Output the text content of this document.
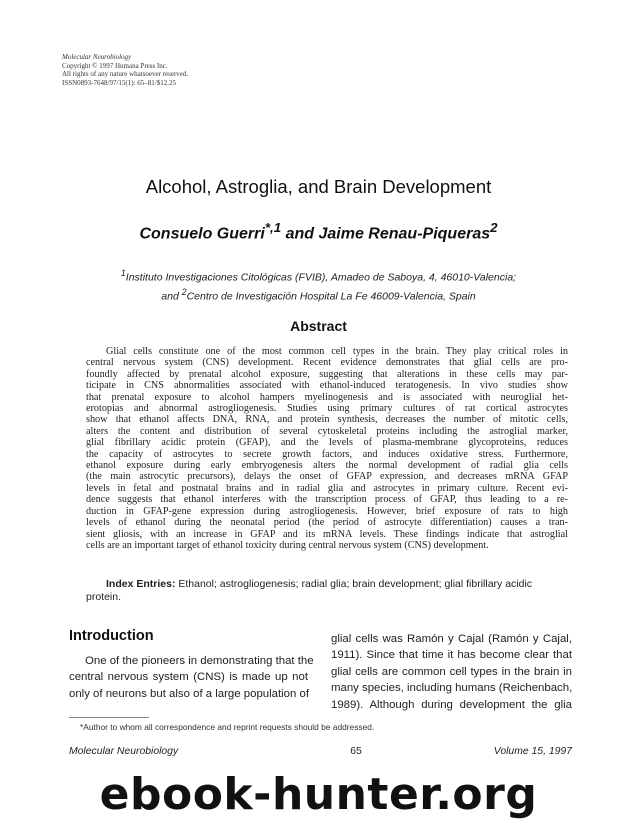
Molecular Neurobiology
Copyright © 1997 Humana Press Inc.
All rights of any nature whatsoever reserved.
ISSN0893-7648/97/15(1): 65–81/$12.25
Alcohol, Astroglia, and Brain Development
Consuelo Guerri$^{*,1}$ and Jaime Renau-Piqueras$^2$
$^1$Instituto Investigaciones Citológicas (FVIB), Amadeo de Saboya, 4, 46010-Valencia;
and $^2$Centro de Investigación Hospital La Fe 46009-Valencia, Spain
Abstract
Glial cells constitute one of the most common cell types in the brain. They play critical roles in
central nervous system (CNS) development. Recent evidence demonstrates that glial cells are pro-
foundly affected by prenatal alcohol exposure, suggesting that alterations in these cells may par-
ticipate in CNS abnormalities associated with ethanol-induced teratogenesis. In vivo studies show
that prenatal exposure to alcohol hampers myelinogenesis and is associated with neuroglial het-
erotopias and abnormal astrogliogenesis. Studies using primary cultures of rat cortical astrocytes
show that ethanol affects DNA, RNA, and protein synthesis, decreases the number of mitotic cells,
alters the content and distribution of several cytoskeletal proteins including the astroglial marker,
glial fibrillary acidic protein (GFAP), and the levels of plasma-membrane glycoproteins, reduces
the capacity of astrocytes to secrete growth factors, and induces oxidative stress. Furthermore,
ethanol exposure during early embryogenesis alters the normal development of radial glia cells
(the main astrocytic precursors), delays the onset of GFAP expression, and decreases mRNA GFAP
levels in fetal and postnatal brains and in radial glia and astrocytes in primary culture. Recent evi-
dence suggests that ethanol interferes with the transcription process of GFAP, thus leading to a re-
duction in GFAP-gene expression during astrogliogenesis. However, brief exposure of rats to high
levels of ethanol during the neonatal period (the period of astrocyte differentiation) causes a tran-
sient gliosis, with an increase in GFAP and its mRNA levels. These findings indicate that astroglial
cells are an important target of ethanol toxicity during central nervous system (CNS) development.
Index Entries: Ethanol; astrogliogenesis; radial glia; brain development; glial fibrillary acidic protein.
Introduction
One of the pioneers in demonstrating that the
central nervous system (CNS) is made up not
only of neurons but also of a large population of
glial cells was Ramón y Cajal (Ramón y Cajal,
1911). Since that time it has become clear that
glial cells are common cell types in the brain in
many species, including humans (Reichenbach,
1989). Although during development the glia
*Author to whom all correspondence and reprint requests should be addressed.
Molecular Neurobiology	65	Volume 15, 1997
ebook-hunter.org
